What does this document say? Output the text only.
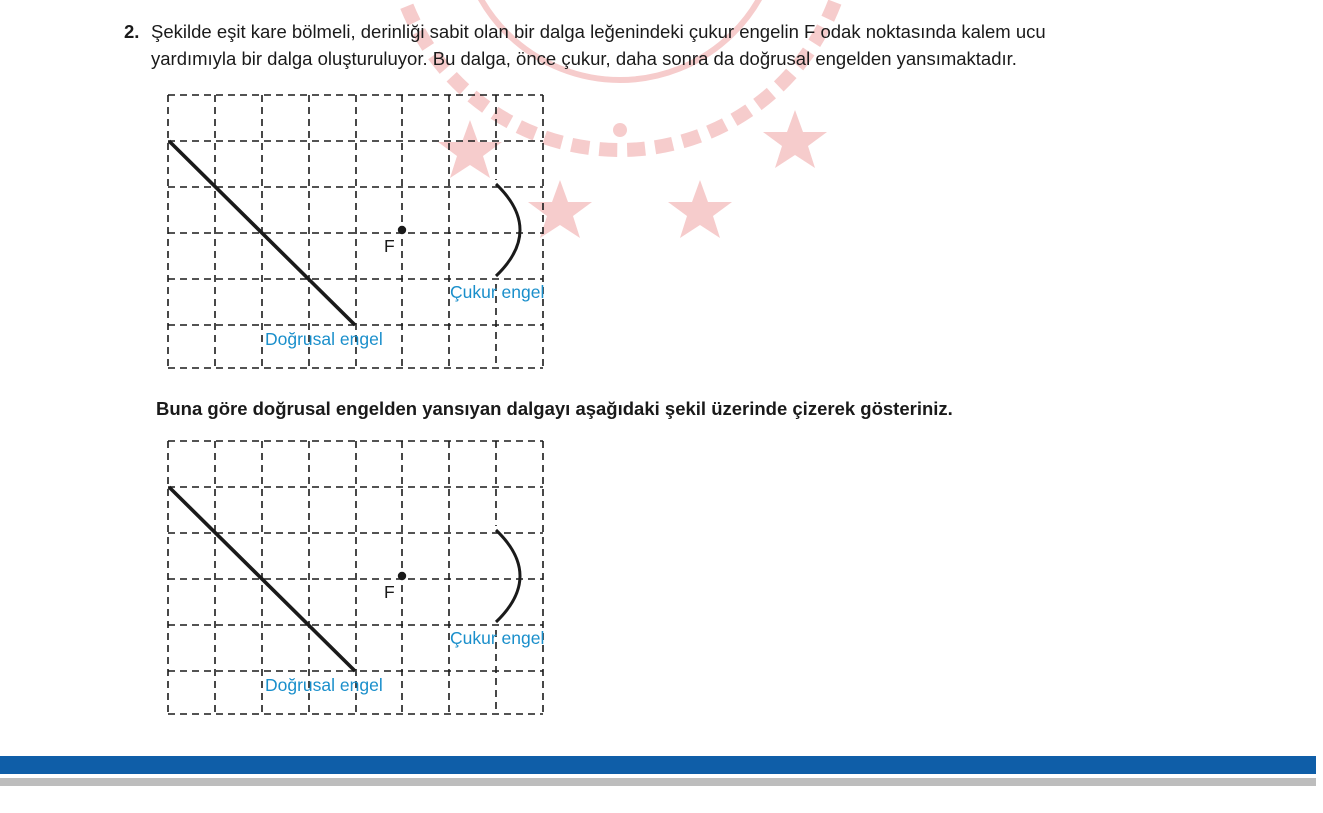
2. Şekilde eşit kare bölmeli, derinliği sabit olan bir dalga leğenindeki çukur engelin F odak noktasında kalem ucu
yardımıyla bir dalga oluşturuluyor. Bu dalga, önce çukur, daha sonra da doğrusal engelden yansımaktadır.
F
Çukur engel
Doğrusal engel
Buna göre doğrusal engelden yansıyan dalgayı aşağıdaki şekil üzerinde çizerek gösteriniz.
F
Çukur engel
Doğrusal engel
